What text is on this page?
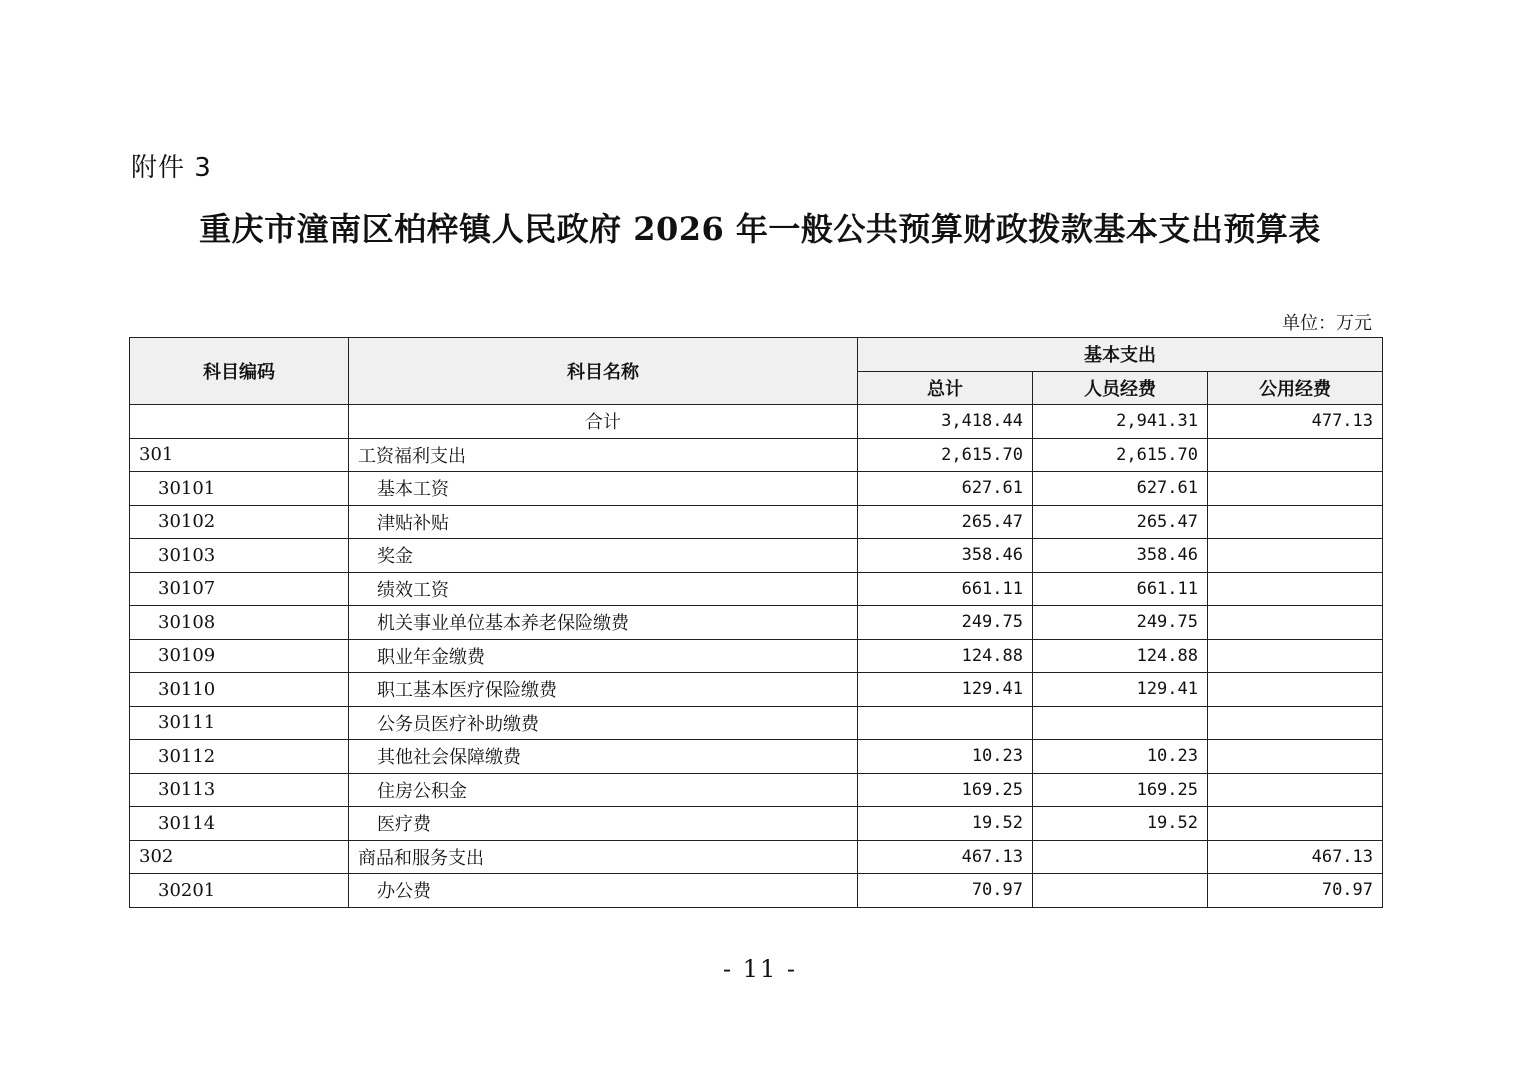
附件 3
重庆市潼南区柏梓镇人民政府 2026 年一般公共预算财政拨款基本支出预算表
单位：万元
科目编码	科目名称	基本支出		
		总计	人员经费	公用经费
	合计	3,418.44	2,941.31	477.13
301	工资福利支出	2,615.70	2,615.70	
30101	基本工资	627.61	627.61	
30102	津贴补贴	265.47	265.47	
30103	奖金	358.46	358.46	
30107	绩效工资	661.11	661.11	
30108	机关事业单位基本养老保险缴费	249.75	249.75	
30109	职业年金缴费	124.88	124.88	
30110	职工基本医疗保险缴费	129.41	129.41	
30111	公务员医疗补助缴费			
30112	其他社会保障缴费	10.23	10.23	
30113	住房公积金	169.25	169.25	
30114	医疗费	19.52	19.52	
302	商品和服务支出	467.13		467.13
30201	办公费	70.97		70.97
- 11 -
